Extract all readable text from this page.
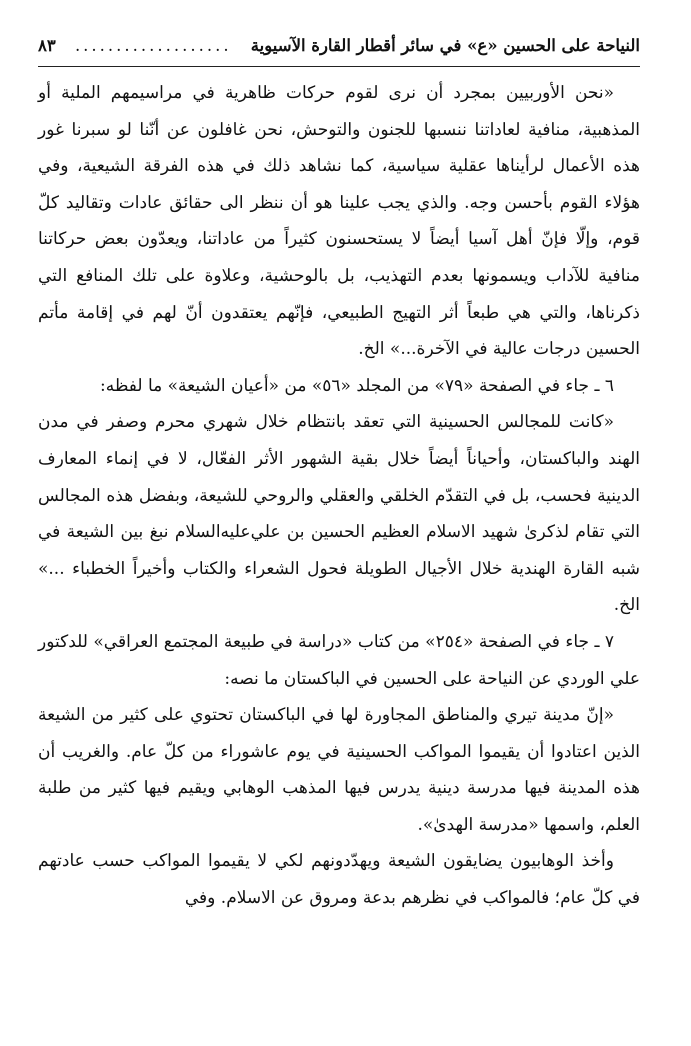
النياحة على الحسين «ع» في سائر أقطار القارة الآسيوية
...................
٨٣

«نحن الأوربيين بمجرد أن نرى لقوم حركات ظاهرية في مراسيمهم الملية أو المذهبية، منافية لعاداتنا ننسبها للجنون والتوحش، نحن غافلون عن أنّنا لو سبرنا غور هذه الأعمال لرأيناها عقلية سياسية، كما نشاهد ذلك في هذه الفرقة الشيعية، وفي هؤلاء القوم بأحسن وجه. والذي يجب علينا هو أن ننظر الى حقائق عادات وتقاليد كلّ قوم، وإلّا فإنّ أهل آسيا أيضاً لا يستحسنون كثيراً من عاداتنا، ويعدّون بعض حركاتنا منافية للآداب ويسمونها بعدم التهذيب، بل بالوحشية، وعلاوة على تلك المنافع التي ذكرناها، والتي هي طبعاً أثر التهيج الطبيعي، فإنّهم يعتقدون أنّ لهم في إقامة مأتم الحسين درجات عالية في الآخرة...» الخ.

٦ ـ جاء في الصفحة «٧٩» من المجلد «٥٦» من «أعيان الشيعة» ما لفظه:

«كانت للمجالس الحسينية التي تعقد بانتظام خلال شهري محرم وصفر في مدن الهند والباكستان، وأحياناً أيضاً خلال بقية الشهور الأثر الفعّال، لا في إنماء المعارف الدينية فحسب، بل في التقدّم الخلقي والعقلي والروحي للشيعة، وبفضل هذه المجالس التي تقام لذكرىٰ شهيد الاسلام العظيم الحسين بن علي‌عليه‌السلام نبغ بين الشيعة في شبه القارة الهندية خلال الأجيال الطويلة فحول الشعراء والكتاب وأخيراً الخطباء ...» الخ.

٧ ـ جاء في الصفحة «٢٥٤» من كتاب «دراسة في طبيعة المجتمع العراقي» للدكتور علي الوردي عن النياحة على الحسين في الباكستان ما نصه:

«إنّ مدينة تيري والمناطق المجاورة لها في الباكستان تحتوي على كثير من الشيعة الذين اعتادوا أن يقيموا المواكب الحسينية في يوم عاشوراء من كلّ عام. والغريب أن هذه المدينة فيها مدرسة دينية يدرس فيها المذهب الوهابي ويقيم فيها كثير من طلبة العلم، واسمها «مدرسة الهدىٰ».

وأخذ الوهابيون يضايقون الشيعة ويهدّدونهم لكي لا يقيموا المواكب حسب عادتهم في كلّ عام؛ فالمواكب في نظرهم بدعة ومروق عن الاسلام. وفي
